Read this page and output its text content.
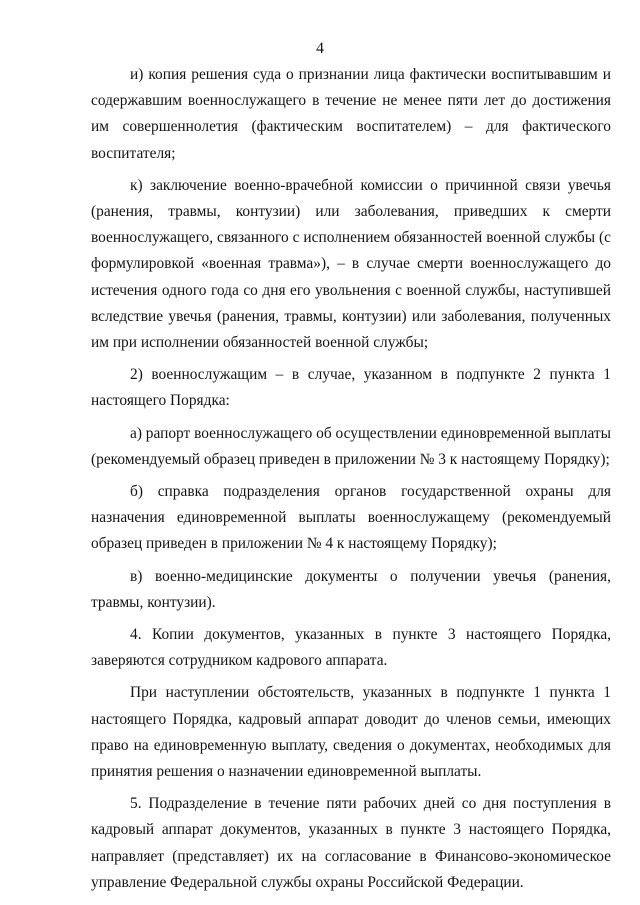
4

и) копия решения суда о признании лица фактически воспитывавшим и содержавшим военнослужащего в течение не менее пяти лет до достижения им совершеннолетия (фактическим воспитателем) – для фактического воспитателя;

к) заключение военно-врачебной комиссии о причинной связи увечья (ранения, травмы, контузии) или заболевания, приведших к смерти военнослужащего, связанного с исполнением обязанностей военной службы (с формулировкой «военная травма»), – в случае смерти военнослужащего до истечения одного года со дня его увольнения с военной службы, наступившей вследствие увечья (ранения, травмы, контузии) или заболевания, полученных им при исполнении обязанностей военной службы;

2) военнослужащим – в случае, указанном в подпункте 2 пункта 1 настоящего Порядка:

а) рапорт военнослужащего об осуществлении единовременной выплаты (рекомендуемый образец приведен в приложении № 3 к настоящему Порядку);

б) справка подразделения органов государственной охраны для назначения единовременной выплаты военнослужащему (рекомендуемый образец приведен в приложении № 4 к настоящему Порядку);

в) военно-медицинские документы о получении увечья (ранения, травмы, контузии).

4. Копии документов, указанных в пункте 3 настоящего Порядка, заверяются сотрудником кадрового аппарата.

При наступлении обстоятельств, указанных в подпункте 1 пункта 1 настоящего Порядка, кадровый аппарат доводит до членов семьи, имеющих право на единовременную выплату, сведения о документах, необходимых для принятия решения о назначении единовременной выплаты.

5. Подразделение в течение пяти рабочих дней со дня поступления в кадровый аппарат документов, указанных в пункте 3 настоящего Порядка, направляет (представляет) их на согласование в Финансово-экономическое управление Федеральной службы охраны Российской Федерации.
